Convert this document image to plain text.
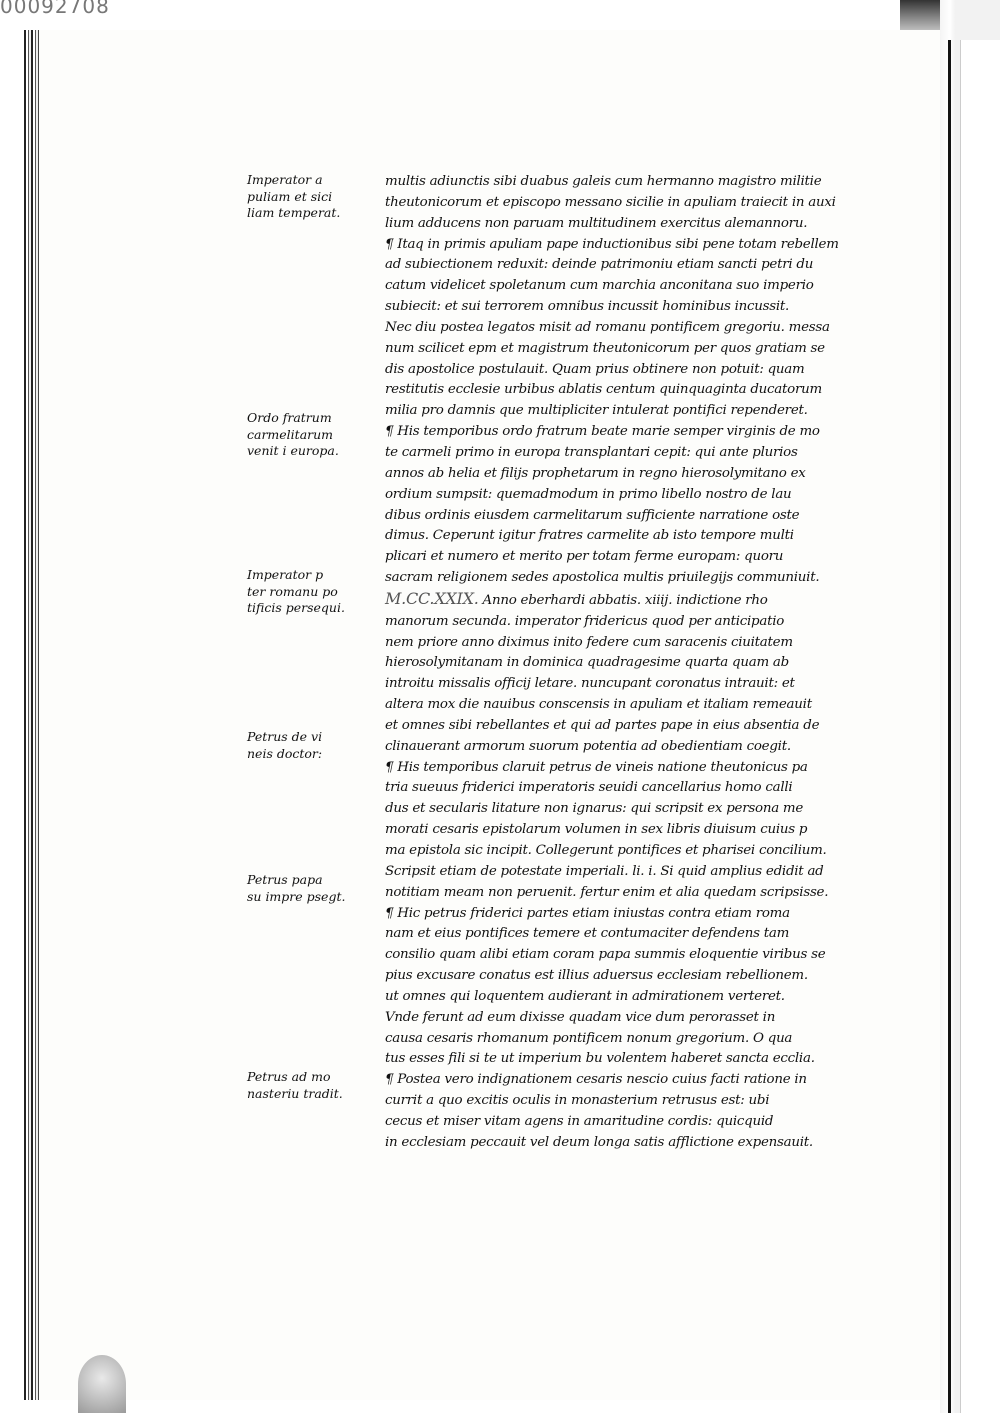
00092708
Imperator a
puliam et sici
liam temperat.
Ordo fratrum
carmelitarum
venit i europa.
Imperator p
ter romanu po
tificis persequi.
Petrus de vi
neis doctor:
Petrus papa
su impre psegt.
Petrus ad mo
nasteriu tradit.
multis adiunctis sibi duabus galeis cum hermanno magistro militie
theutonicorum et episcopo messano sicilie in apuliam traiecit in auxi
lium adducens non paruam multitudinem exercitus alemannoru.
¶ Itaq in primis apuliam pape inductionibus sibi pene totam rebellem
ad subiectionem reduxit: deinde patrimoniu etiam sancti petri du
catum videlicet spoletanum cum marchia anconitana suo imperio
subiecit: et sui terrorem omnibus incussit hominibus incussit.
Nec diu postea legatos misit ad romanu pontificem gregoriu. messa
num scilicet epm et magistrum theutonicorum per quos gratiam se
dis apostolice postulauit. Quam prius obtinere non potuit: quam
restitutis ecclesie urbibus ablatis centum quinquaginta ducatorum
milia pro damnis que multipliciter intulerat pontifici rependeret.
¶ His temporibus ordo fratrum beate marie semper virginis de mo
te carmeli primo in europa transplantari cepit: qui ante plurios
annos ab helia et filijs prophetarum in regno hierosolymitano ex
ordium sumpsit: quemadmodum in primo libello nostro de lau
dibus ordinis eiusdem carmelitarum sufficiente narratione oste
dimus. Ceperunt igitur fratres carmelite ab isto tempore multi
plicari et numero et merito per totam ferme europam: quoru
sacram religionem sedes apostolica multis priuilegijs communiuit.
M.CC.XXIX. Anno eberhardi abbatis. xiiij. indictione rho
manorum secunda. imperator fridericus quod per anticipatio
nem priore anno diximus inito federe cum saracenis ciuitatem
hierosolymitanam in dominica quadragesime quarta quam ab
introitu missalis officij letare. nuncupant coronatus intrauit: et
altera mox die nauibus conscensis in apuliam et italiam remeauit
et omnes sibi rebellantes et qui ad partes pape in eius absentia de
clinauerant armorum suorum potentia ad obedientiam coegit.
¶ His temporibus claruit petrus de vineis natione theutonicus pa
tria sueuus friderici imperatoris seuidi cancellarius homo calli
dus et secularis litature non ignarus: qui scripsit ex persona me
morati cesaris epistolarum volumen in sex libris diuisum cuius p
ma epistola sic incipit. Collegerunt pontifices et pharisei concilium.
Scripsit etiam de potestate imperiali. li. i. Si quid amplius edidit ad
notitiam meam non peruenit. fertur enim et alia quedam scripsisse.
¶ Hic petrus friderici partes etiam iniustas contra etiam roma
nam et eius pontifices temere et contumaciter defendens tam
consilio quam alibi etiam coram papa summis eloquentie viribus se
pius excusare conatus est illius aduersus ecclesiam rebellionem.
ut omnes qui loquentem audierant in admirationem verteret.
Vnde ferunt ad eum dixisse quadam vice dum perorasset in
causa cesaris rhomanum pontificem nonum gregorium. O qua
tus esses fili si te ut imperium bu volentem haberet sancta ecclia.
¶ Postea vero indignationem cesaris nescio cuius facti ratione in
currit a quo excitis oculis in monasterium retrusus est: ubi
cecus et miser vitam agens in amaritudine cordis: quicquid
in ecclesiam peccauit vel deum longa satis afflictione expensauit.
